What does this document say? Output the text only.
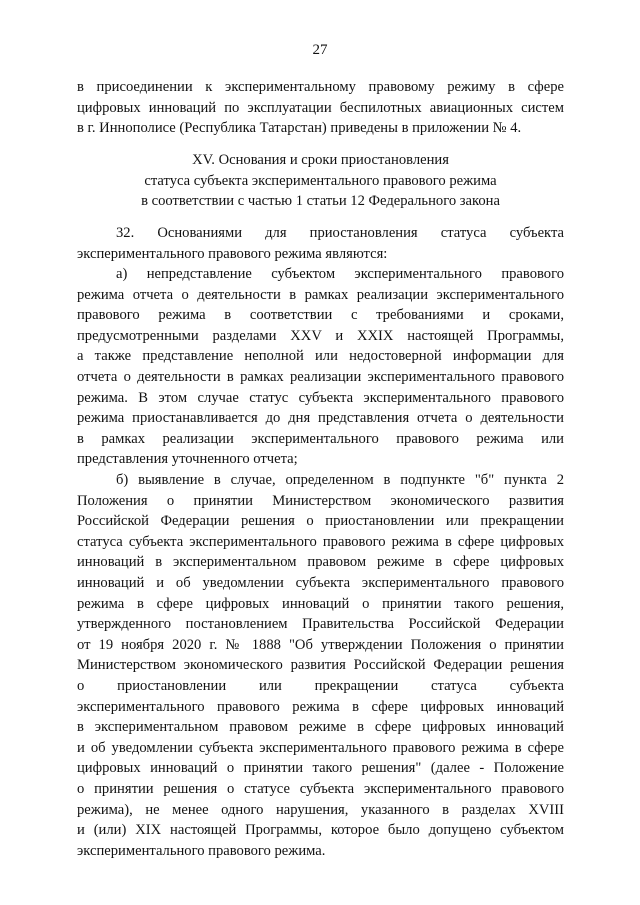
27
в присоединении к экспериментальному правовому режиму в сфере
цифровых инноваций по эксплуатации беспилотных авиационных систем
в г. Иннополисе (Республика Татарстан) приведены в приложении № 4.
XV. Основания и сроки приостановления
статуса субъекта экспериментального правового режима
в соответствии с частью 1 статьи 12 Федерального закона
32. Основаниями для приостановления статуса субъекта
экспериментального правового режима являются:
а) непредставление субъектом экспериментального правового
режима отчета о деятельности в рамках реализации экспериментального
правового режима в соответствии с требованиями и сроками,
предусмотренными разделами XXV и XXIX настоящей Программы,
а также представление неполной или недостоверной информации для
отчета о деятельности в рамках реализации экспериментального правового
режима. В этом случае статус субъекта экспериментального правового
режима приостанавливается до дня представления отчета о деятельности
в рамках реализации экспериментального правового режима или
представления уточненного отчета;
б) выявление в случае, определенном в подпункте "б" пункта 2
Положения о принятии Министерством экономического развития
Российской Федерации решения о приостановлении или прекращении
статуса субъекта экспериментального правового режима в сфере цифровых
инноваций в экспериментальном правовом режиме в сфере цифровых
инноваций и об уведомлении субъекта экспериментального правового
режима в сфере цифровых инноваций о принятии такого решения,
утвержденного постановлением Правительства Российской Федерации
от 19 ноября 2020 г. № 1888 "Об утверждении Положения о принятии
Министерством экономического развития Российской Федерации решения
о приостановлении или прекращении статуса субъекта
экспериментального правового режима в сфере цифровых инноваций
в экспериментальном правовом режиме в сфере цифровых инноваций
и об уведомлении субъекта экспериментального правового режима в сфере
цифровых инноваций о принятии такого решения" (далее - Положение
о принятии решения о статусе субъекта экспериментального правового
режима), не менее одного нарушения, указанного в разделах XVIII
и (или) XIX настоящей Программы, которое было допущено субъектом
экспериментального правового режима.
